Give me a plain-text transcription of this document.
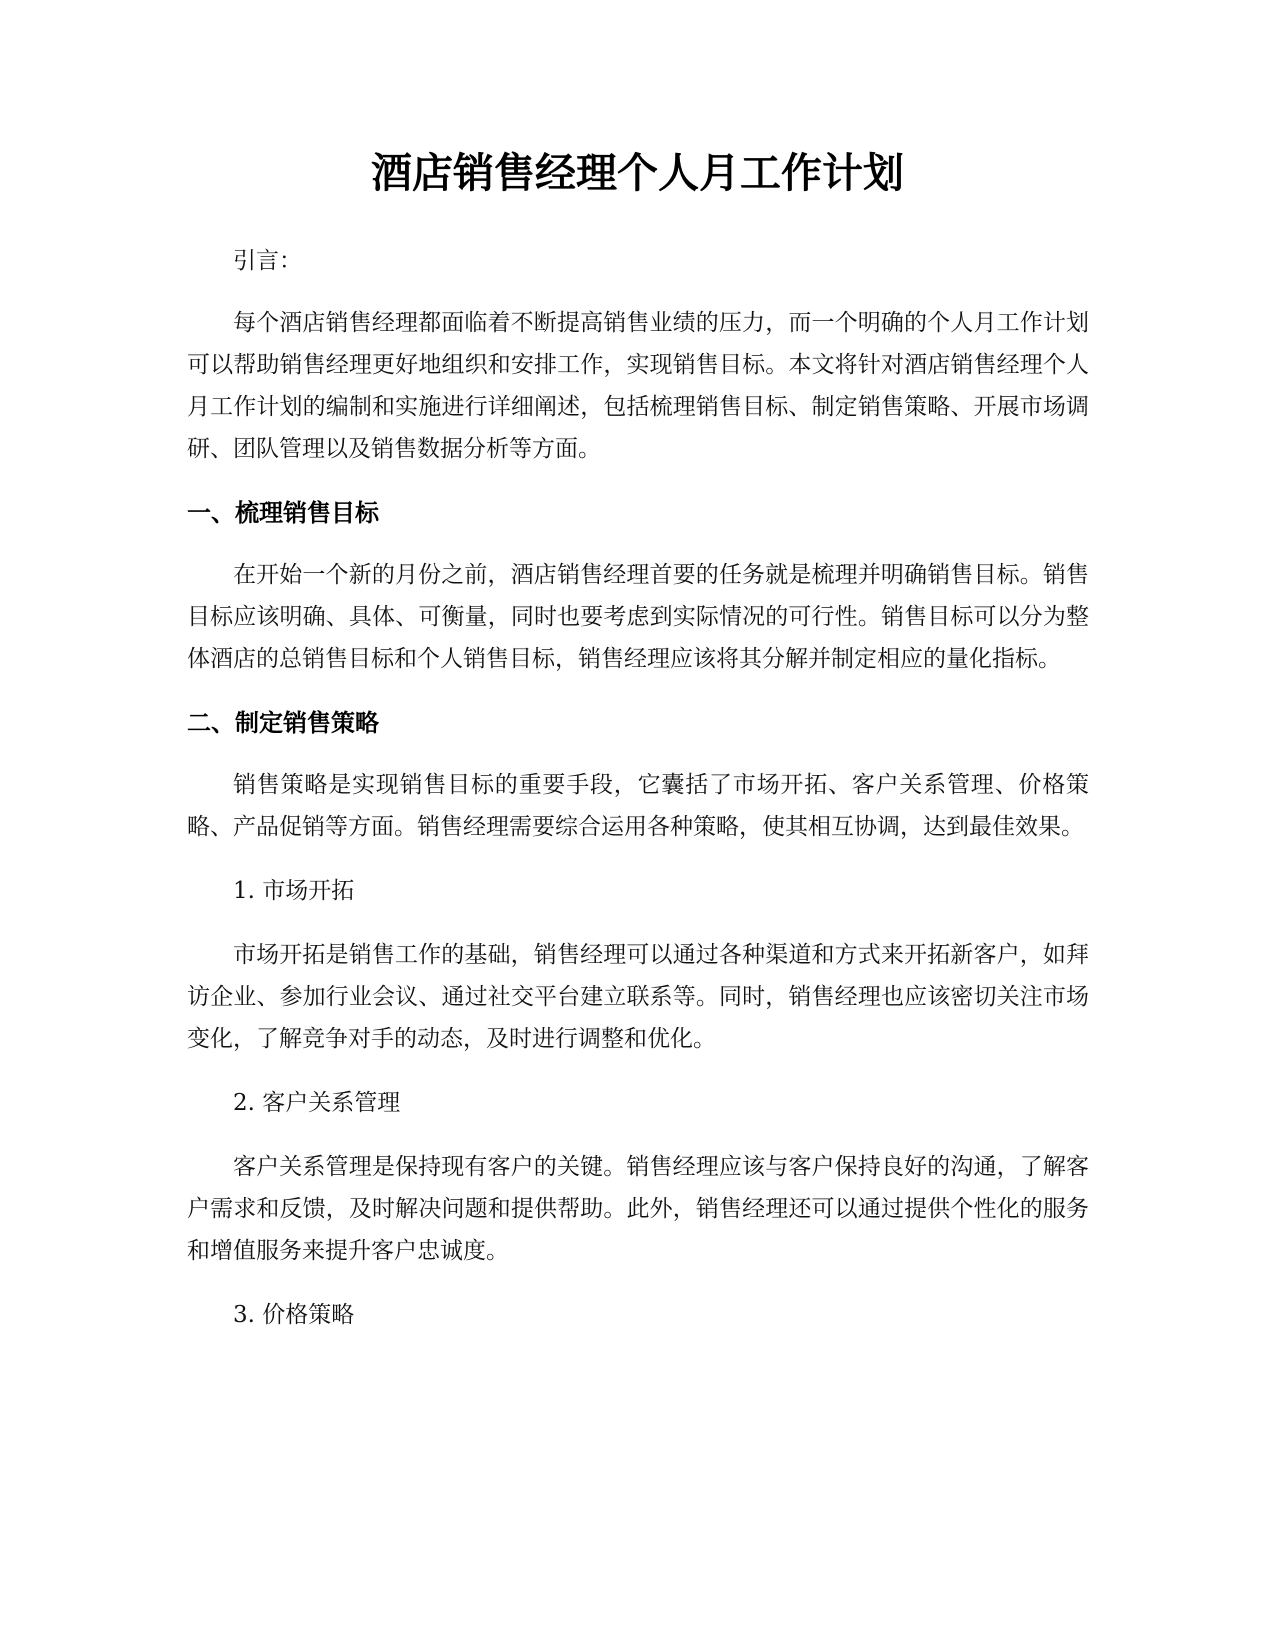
酒店销售经理个人月工作计划

引言：

每个酒店销售经理都面临着不断提高销售业绩的压力，而一个明确的个人月工作计划可以帮助销售经理更好地组织和安排工作，实现销售目标。本文将针对酒店销售经理个人月工作计划的编制和实施进行详细阐述，包括梳理销售目标、制定销售策略、开展市场调研、团队管理以及销售数据分析等方面。

一、梳理销售目标

在开始一个新的月份之前，酒店销售经理首要的任务就是梳理并明确销售目标。销售目标应该明确、具体、可衡量，同时也要考虑到实际情况的可行性。销售目标可以分为整体酒店的总销售目标和个人销售目标，销售经理应该将其分解并制定相应的量化指标。

二、制定销售策略

销售策略是实现销售目标的重要手段，它囊括了市场开拓、客户关系管理、价格策略、产品促销等方面。销售经理需要综合运用各种策略，使其相互协调，达到最佳效果。

1. 市场开拓

市场开拓是销售工作的基础，销售经理可以通过各种渠道和方式来开拓新客户，如拜访企业、参加行业会议、通过社交平台建立联系等。同时，销售经理也应该密切关注市场变化，了解竞争对手的动态，及时进行调整和优化。

2. 客户关系管理

客户关系管理是保持现有客户的关键。销售经理应该与客户保持良好的沟通，了解客户需求和反馈，及时解决问题和提供帮助。此外，销售经理还可以通过提供个性化的服务和增值服务来提升客户忠诚度。

3. 价格策略
